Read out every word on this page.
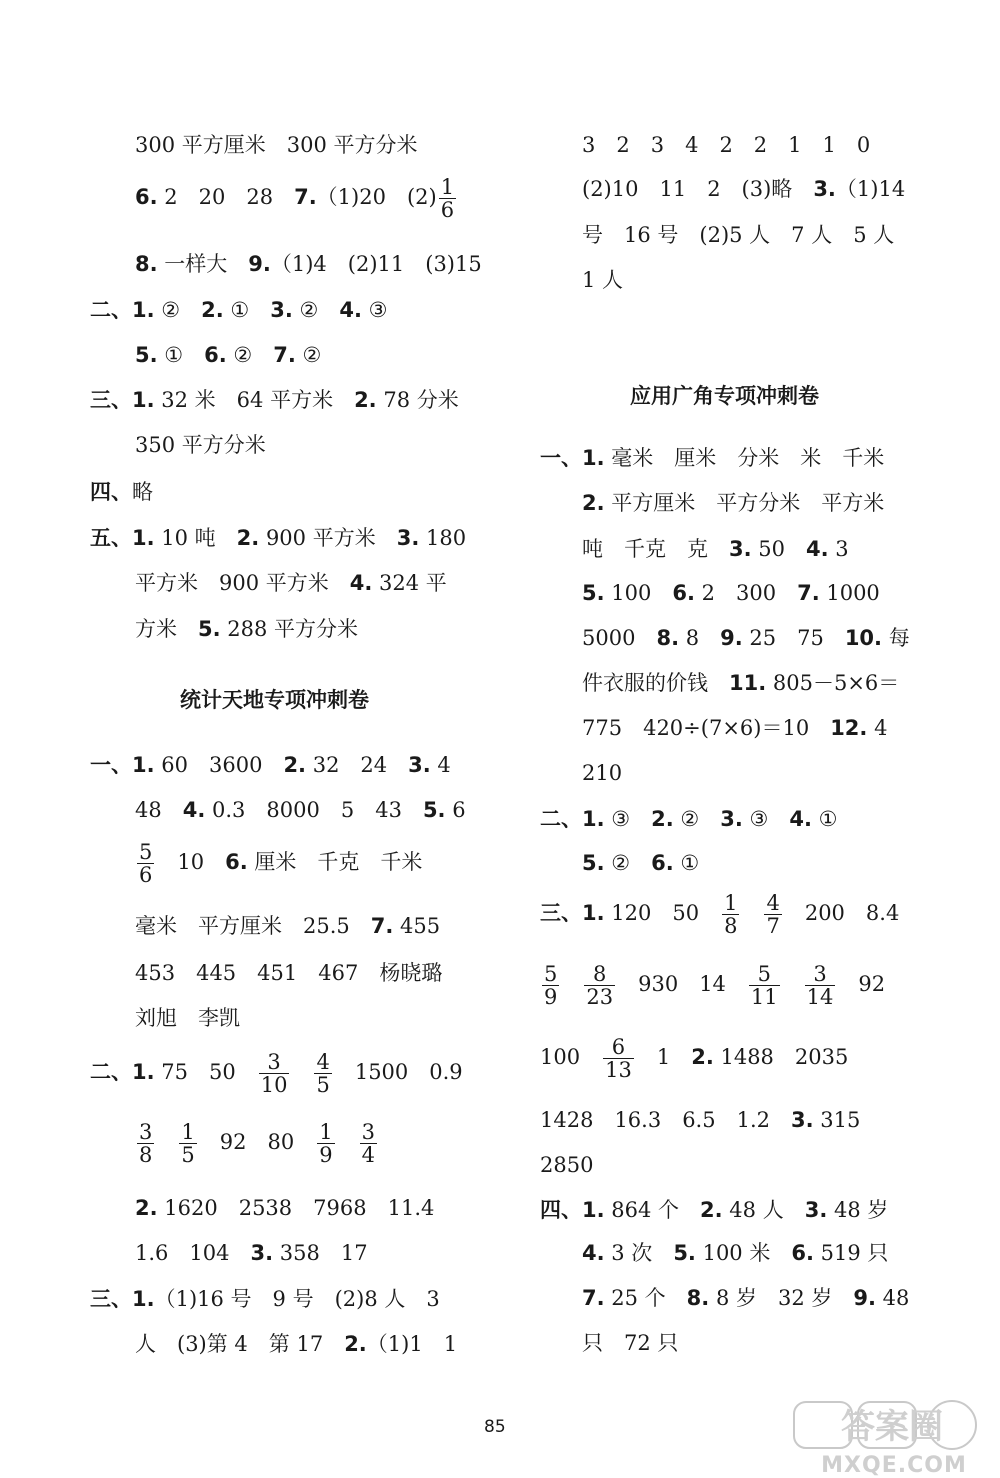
统计天地专项冲刺卷
300 平方厘米　300 平方分米
6. 2　20　28　7.（1)20　$(2) \frac{1}{6}$
8. 一样大　9.（1)4　(2)11　(3)15
二、1. ②　2. ①　3. ②　4. ③
5. ①　6. ②　7. ②
三、1. 32 米　64 平方米　2. 78 分米
350 平方分米
四、略
五、1. 10 吨　2. 900 平方米　3. 180
平方米　900 平方米　4. 324 平
方米　5. 288 平方分米
一、1. 60　3600　2. 32　24　3. 4
48　4. 0.3　8000　5　43　5. 6
$\frac{5}{6}$ 　10　6. 厘米　千克　千米
毫米　平方厘米　25.5　7. 455
453　445　451　467　杨晓璐
刘旭　李凯
二、1. 75　50　 $\frac{3}{10}$
　 $\frac{4}{5}$ 　1500　0.9
$\frac{3}{8}$
　 $\frac{1}{5}$ 　92　80　 $\frac{1}{9}$
　 $\frac{3}{4}$
2. 1620　2538　7968　11.4
1.6　104　3. 358　17
三、1.（1)16 号　9 号　(2)8 人　3
人　(3)第 4　第 17　2.（1)1　1
应用广角专项冲刺卷
3　2　3　4　2　2　1　1　0
(2)10　11　2　(3)略　3.（1)14
号　16 号　(2)5 人　7 人　5 人
1 人
一、1. 毫米　厘米　分米　米　千米
2. 平方厘米　平方分米　平方米
吨　千克　克　3. 50　4. 3
5. 100　6. 2　300　7. 1000
5000　8. 8　9. 25　75　10. 每
件衣服的价钱　11. 805－5×6＝
775　420÷(7×6)＝10　12. 4
210
二、1. ③　2. ②　3. ③　4. ①
5. ②　6. ①
三、1. 120　50　 $\frac{1}{8}$
　 $\frac{4}{7}$ 　200　8.4
$\frac{5}{9}$
　 $\frac{8}{23}$ 　930　14　 $\frac{5}{11}$
　 $\frac{3}{14}$ 　92
100　 $\frac{6}{13}$ 　1　2. 1488　2035
1428　16.3　6.5　1.2　3. 315
2850
四、1. 864 个　2. 48 人　3. 48 岁
4. 3 次　5. 100 米　6. 519 只
7. 25 个　8. 8 岁　32 岁　9. 48
只　72 只
85	答案圈
MXQE.COM
